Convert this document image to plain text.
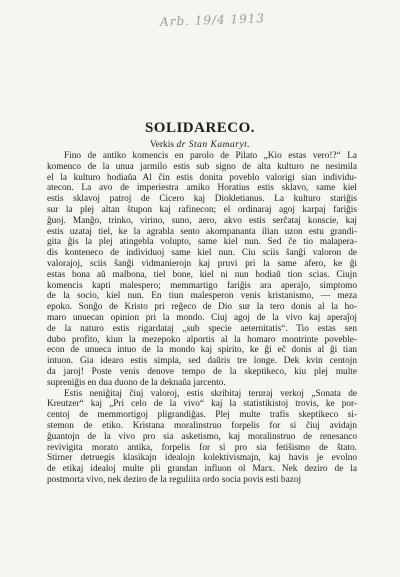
Arb. 19/4 1913
SOLIDARECO.
Verkis dr Stan Kamaryt.
Fino de antiko komencis en parolo de Pilato „Kio estas vero!?“ La
komenco de la unua jarmilo estis sub signo de alta kulturo ne nesimila
el la kulturo hodiaŭa Al ĉin estis donita poveblo valorigi sian individu-
atecon. La avo de imperiestra amiko Horatius estis sklavo, same kiel
estis sklavoj patroj de Cicero kaj Diokletianus. La kulturo stariĝis
sur la plej altan ŝtupon kaj rafinecon; el ordinaraj agoj karpaj fariĝis
ĝuoj. Manĝo, trinko, virino, suno, aero, akvo estis serĉataj konscie, kaj
estis uzataj tiel, ke la agrabla sento akompananta ilian uzon estu grandi-
gita ĝis la plej atingebla volupto, same kiel nun. Sed ĉe tio malapera-
dis konteneco de individuoj same kiel nun. Ĉiu sciis ŝanĝi valoron de
valorajoj, sciis ŝanĝi vidmanierojn kaj pruvi pri la same afero, ke ĝi
estas bona aŭ malbona, tiel bone, kiel ni nun hodiaŭ tion scias. Ĉiujn
komencis kapti malespero; memmartigo fariĝis ara aperaĵo, simptomo
de la socio, kiel nun. En tiun malesperon venis kristanismo, — meza
epoko. Sonĝo de Kristo pri reĝeco de Dio sur la tero donis al la ho-
maro unuecan opinion pri la mondo. Ĉiuj agoj de la vivo kaj aperaĵoj
de la naturo estis rigardataj „sub specie aeternitatis“. Tio estas sen
dubo profito, kiun la mezepoko alportis al la homaro montrinte poveble-
econ de unueca intuo de la mondo kaj spirito, ke ĝi eĉ donis al ĝi tian
intuon. Ĝia idearo estis simpla, sed daŭris tre longe. Dek kvin centojn
da jaroj! Poste venis denove tempo de la skeptikeco, kiu plej multe
supreniĝis en dua duono de la deknaŭa jarcento.
Estis neniĝitaj ĉiuj valoroj, estis skribitaj teruraj verkoj „Sonata de
Kreutzer“ kaj „Pri celo de la vivo“ kaj la statistikistoj trovis, ke por-
centoj de memmortigoj pligrandiĝas. Plej multe trafis skeptikeco si-
stemon de etiko. Kristana moralinstruo forpelis for si ĉiuj avidajn
ĝuantojn de la vivo pro sia asketismo, kaj moralinstruo de renesanco
revivigita morato antika, forpelis for si pro sia fetiŝismo de ŝtato.
Stirner detruegis klasikajn idealojn kolektivismajn, kaj havis je evolno
de etikaj idealoj multe pli grandan influon ol Marx. Nek deziro de la
postmorta vivo, nek deziro de la reguliita ordo socia povis esti bazoj
